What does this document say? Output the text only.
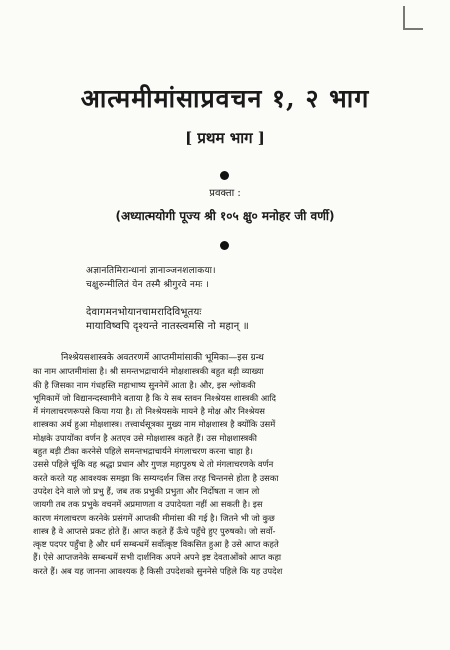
आत्ममीमांसाप्रवचन १, २ भाग
[ प्रथम भाग ]
प्रवक्ता :
(अध्यात्मयोगी पूज्य श्री १०५ क्षु० मनोहर जी वर्णी)
अज्ञानतिमिरान्धानां ज्ञानाञ्जनशलाकया।
चक्षुरुन्मीलितं येन तस्मै श्रीगुरवे नमः ।
देवागमनभोयानचामरादिविभूतयः
मायाविष्वपि दृश्यन्ते नातस्त्वमसि नो महान् ॥
निश्श्रेयसशास्त्रके अवतरणमें आप्तमीमांसाकी भूमिका—इस ग्रन्थ
का नाम आप्तमीमांसा है। श्री समन्तभद्राचार्यने मोक्षशास्त्रकी बहुत बड़ी व्याख्या
की है जिसका नाम गंधहस्ति महाभाष्य सुननेमें आता है। और, इस श्लोककी
भूमिकामें जो विद्यानन्दस्वामीने बताया है कि ये सब स्तवन निश्श्रेयस शास्त्रकी आदि
में मंगलाचरणरूपसे किया गया है। तो निश्श्रेयसके मायने है मोक्ष और निश्श्रेयस
शास्त्रका अर्थ हुआ मोक्षशास्त्र। तत्त्वार्थसूत्रका मुख्य नाम मोक्षशास्त्र है क्योंकि उसमें
मोक्षके उपायोंका वर्णन है अतएव उसे मोक्षशास्त्र कहते हैं। उस मोक्षशास्त्रकी
बहुत बड़ी टीका करनेसे पहिले समन्तभद्राचार्यने मंगलाचरण करना चाहा है।
उससे पहिले चूंकि वह श्रद्धा प्रधान और गुणज्ञ महापुरुष थे तो मंगलाचरणके वर्णन
करते करते यह आवश्यक समझा कि सम्यग्दर्शन जिस तरह चिन्तनसे होता है उसका
उपदेश देने वाले जो प्रभु हैं, जब तक प्रभुकी प्रभुता और निर्दोषता न जान लो
जायगी तब तक प्रभुके वचनमें अप्रमाणता व उपादेयता नहीं आ सकती है। इस
कारण मंगलाचरण करनेके प्रसंगमें आप्तकी मीमांसा की गई है। जितने भी जो कुछ
शास्त्र है वे आप्तसे प्रकट होते हैं। आप्त कहते हैं ऊँचे पहुँचे हुए पुरुषको। जो सर्वो-
त्कृष्ट पदपर पहुँचा है और धर्म सम्बन्धमें सर्वोत्कृष्ट विकसित हुआ है उसे आप्त कहते
हैं। ऐसे आप्तजनेके सम्बन्धमें सभी दार्शनिक अपने अपने इष्ट देवताओंको आप्त कहा
करते हैं। अब यह जानना आवश्यक है किसी उपदेशको सुननेसे पहिले कि यह उपदेश
